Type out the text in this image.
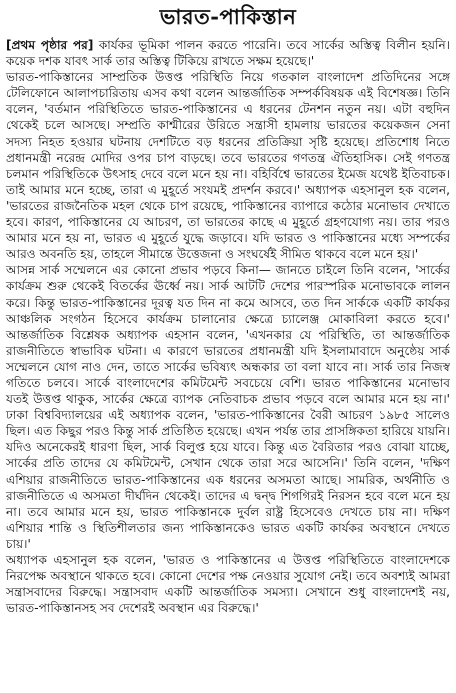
ভারত-পাকিস্তান

[প্রথম পৃষ্ঠার পর] কার্যকর ভূমিকা পালন করতে পারেনি। তবে সার্কের অস্তিত্ব বিলীন হয়নি। কয়েক দশক যাবৎ সার্ক তার অস্তিত্ব টিকিয়ে রাখতে সক্ষম হয়েছে।'

ভারত-পাকিস্তানের সাম্প্রতিক উত্তপ্ত পরিস্থিতি নিয়ে গতকাল বাংলাদেশ প্রতিদিনের সঙ্গে টেলিফোনে আলাপচারিতায় এসব কথা বলেন আন্তর্জাতিক সম্পর্কবিষয়ক এই বিশেষজ্ঞ। তিনি বলেন, 'বর্তমান পরিস্থিতিতে ভারত-পাকিস্তানের এ ধরনের টেনশন নতুন নয়। এটা বহুদিন থেকেই চলে আসছে। সম্প্রতি কাশ্মীরের উরিতে সন্ত্রাসী হামলায় ভারতের কয়েকজন সেনা সদস্য নিহত হওয়ার ঘটনায় দেশটিতে বড় ধরনের প্রতিক্রিয়া সৃষ্টি হয়েছে। প্রতিশোধ নিতে প্রধানমন্ত্রী নরেন্দ্র মোদির ওপর চাপ বাড়ছে। তবে ভারতের গণতন্ত্র ঐতিহাসিক। সেই গণতন্ত্র চলমান পরিস্থিতিকে উৎসাহ দেবে বলে মনে হয় না। বহির্বিশ্বে ভারতের ইমেজ যথেষ্ট ইতিবাচক। তাই আমার মনে হচ্ছে, তারা এ মুহূর্তে সংযমই প্রদর্শন করবে।' অধ্যাপক এহসানুল হক বলেন, 'ভারতের রাজনৈতিক মহল থেকে চাপ রয়েছে, পাকিস্তানের ব্যাপারে কঠোর মনোভাব দেখাতে হবে। কারণ, পাকিস্তানের যে আচরণ, তা ভারতের কাছে এ মুহূর্তে গ্রহণযোগ্য নয়। তার পরও আমার মনে হয় না, ভারত এ মুহূর্তে যুদ্ধে জড়াবে। যদি ভারত ও পাকিস্তানের মধ্যে সম্পর্কের আরও অবনতি হয়, তাহলে সীমান্তে উত্তেজনা ও সংঘর্ষেই সীমিত থাকবে বলে মনে হয়।'

আসন্ন সার্ক সম্মেলনে এর কোনো প্রভাব পড়বে কিনা— জানতে চাইলে তিনি বলেন, 'সার্কের কার্যক্রম শুরু থেকেই বিতর্কের ঊর্ধ্বে নয়। সার্ক আটটি দেশের পারস্পরিক মনোভাবকে লালন করে। কিন্তু ভারত-পাকিস্তানের দূরত্ব যত দিন না কমে আসবে, তত দিন সার্ককে একটি কার্যকর আঞ্চলিক সংগঠন হিসেবে কার্যক্রম চালানোর ক্ষেত্রে চ্যালেঞ্জ মোকাবিলা করতে হবে।' আন্তর্জাতিক বিশ্লেষক অধ্যাপক এহসান বলেন, 'এখনকার যে পরিস্থিতি, তা আন্তর্জাতিক রাজনীতিতে স্বাভাবিক ঘটনা। এ কারণে ভারতের প্রধানমন্ত্রী যদি ইসলামাবাদে অনুষ্ঠেয় সার্ক সম্মেলনে যোগ নাও দেন, তাতে সার্কের ভবিষ্যৎ অন্ধকার তা বলা যাবে না। সার্ক তার নিজস্ব গতিতে চলবে। সার্কে বাংলাদেশের কমিটমেন্ট সবচেয়ে বেশি। ভারত পাকিস্তানের মনোভাব যতই উত্তপ্ত থাকুক, সার্কের ক্ষেত্রে ব্যাপক নেতিবাচক প্রভাব পড়বে বলে আমার মনে হয় না।' ঢাকা বিশ্ববিদ্যালয়ের এই অধ্যাপক বলেন, 'ভারত-পাকিস্তানের বৈরী আচরণ ১৯৮৫ সালেও ছিল। এত কিছুর পরও কিন্তু সার্ক প্রতিষ্ঠিত হয়েছে। এখন পর্যন্ত তার প্রাসঙ্গিকতা হারিয়ে যায়নি। যদিও অনেকেরই ধারণা ছিল, সার্ক বিলুপ্ত হয়ে যাবে। কিন্তু এত বৈরিতার পরও বোঝা যাচ্ছে, সার্কের প্রতি তাদের যে কমিটমেন্ট, সেখান থেকে তারা সরে আসেনি।' তিনি বলেন, 'দক্ষিণ এশিয়ার রাজনীতিতে ভারত-পাকিস্তানের এক ধরনের অসমতা আছে। সামরিক, অর্থনীতি ও রাজনীতিতে এ অসমতা দীর্ঘদিন থেকেই। তাদের এ দ্বন্দ্ব শিগগিরই নিরসন হবে বলে মনে হয় না। তবে আমার মনে হয়, ভারত পাকিস্তানকে দুর্বল রাষ্ট্র হিসেবেও দেখতে চায় না। দক্ষিণ এশিয়ার শান্তি ও স্থিতিশীলতার জন্য পাকিস্তানকেও ভারত একটি কার্যকর অবস্থানে দেখতে চায়।'

অধ্যাপক এহসানুল হক বলেন, 'ভারত ও পাকিস্তানের এ উত্তপ্ত পরিস্থিতিতে বাংলাদেশকে নিরপেক্ষ অবস্থানে থাকতে হবে। কোনো দেশের পক্ষ নেওয়ার সুযোগ নেই। তবে অবশ্যই আমরা সন্ত্রাসবাদের বিরুদ্ধে। সন্ত্রাসবাদ একটি আন্তর্জাতিক সমস্যা। সেখানে শুধু বাংলাদেশই নয়, ভারত-পাকিস্তানসহ সব দেশেরই অবস্থান এর বিরুদ্ধে।'
